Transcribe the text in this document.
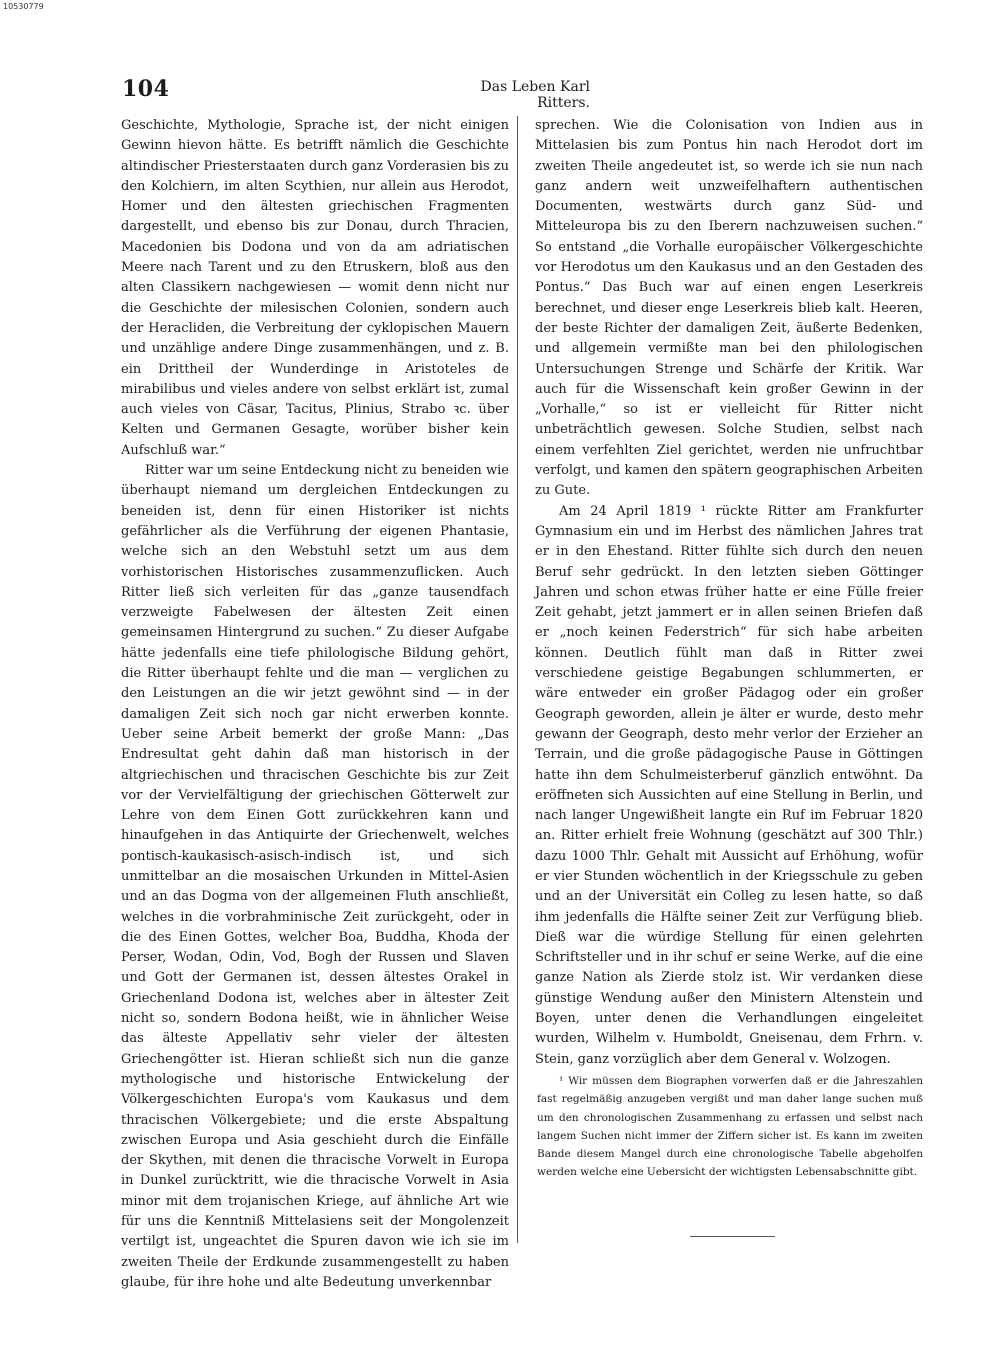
10530779
104	Das Leben Karl Ritters.

Geschichte, Mythologie, Sprache ist, der nicht einigen Gewinn hievon hätte. Es betrifft nämlich die Geschichte altindischer Priesterstaaten durch ganz Vorderasien bis zu den Kolchiern, im alten Scythien, nur allein aus Herodot, Homer und den ältesten griechischen Fragmenten dargestellt, und ebenso bis zur Donau, durch Thracien, Macedonien bis Dodona und von da am adriatischen Meere nach Tarent und zu den Etruskern, bloß aus den alten Classikern nachgewiesen — womit denn nicht nur die Geschichte der milesischen Colonien, sondern auch der Heracliden, die Verbreitung der cyklopischen Mauern und unzählige andere Dinge zusammenhängen, und z. B. ein Drittheil der Wunderdinge in Aristoteles de mirabilibus und vieles andere von selbst erklärt ist, zumal auch vieles von Cäsar, Tacitus, Plinius, Strabo ꝛc. über Kelten und Germanen Gesagte, worüber bisher kein Aufschluß war.“

Ritter war um seine Entdeckung nicht zu beneiden wie überhaupt niemand um dergleichen Entdeckungen zu beneiden ist, denn für einen Historiker ist nichts gefährlicher als die Verführung der eigenen Phantasie, welche sich an den Webstuhl setzt um aus dem vorhistorischen Historisches zusammenzuflicken. Auch Ritter ließ sich verleiten für das „ganze tausendfach verzweigte Fabelwesen der ältesten Zeit einen gemeinsamen Hintergrund zu suchen.“ Zu dieser Aufgabe hätte jedenfalls eine tiefe philologische Bildung gehört, die Ritter überhaupt fehlte und die man — verglichen zu den Leistungen an die wir jetzt gewöhnt sind — in der damaligen Zeit sich noch gar nicht erwerben konnte. Ueber seine Arbeit bemerkt der große Mann: „Das Endresultat geht dahin daß man historisch in der altgriechischen und thracischen Geschichte bis zur Zeit vor der Vervielfältigung der griechischen Götterwelt zur Lehre von dem Einen Gott zurückkehren kann und hinaufgehen in das Antiquirte der Griechenwelt, welches pontisch-kaukasisch-asisch-indisch ist, und sich unmittelbar an die mosaischen Urkunden in Mittel-Asien und an das Dogma von der allgemeinen Fluth anschließt, welches in die vorbrahminische Zeit zurückgeht, oder in die des Einen Gottes, welcher Boa, Buddha, Khoda der Perser, Wodan, Odin, Vod, Bogh der Russen und Slaven und Gott der Germanen ist, dessen ältestes Orakel in Griechenland Dodona ist, welches aber in ältester Zeit nicht so, sondern Bodona heißt, wie in ähnlicher Weise das älteste Appellativ sehr vieler der ältesten Griechengötter ist. Hieran schließt sich nun die ganze mythologische und historische Entwickelung der Völkergeschichten Europa's vom Kaukasus und dem thracischen Völkergebiete; und die erste Abspaltung zwischen Europa und Asia geschieht durch die Einfälle der Skythen, mit denen die thracische Vorwelt in Europa in Dunkel zurücktritt, wie die thracische Vorwelt in Asia minor mit dem trojanischen Kriege, auf ähnliche Art wie für uns die Kenntniß Mittelasiens seit der Mongolenzeit vertilgt ist, ungeachtet die Spuren davon wie ich sie im zweiten Theile der Erdkunde zusammengestellt zu haben glaube, für ihre hohe und alte Bedeutung unverkennbar

sprechen. Wie die Colonisation von Indien aus in Mittelasien bis zum Pontus hin nach Herodot dort im zweiten Theile angedeutet ist, so werde ich sie nun nach ganz andern weit unzweifelhaftern authentischen Documenten, westwärts durch ganz Süd- und Mitteleuropa bis zu den Iberern nachzuweisen suchen.“ So entstand „die Vorhalle europäischer Völkergeschichte vor Herodotus um den Kaukasus und an den Gestaden des Pontus.“ Das Buch war auf einen engen Leserkreis berechnet, und dieser enge Leserkreis blieb kalt. Heeren, der beste Richter der damaligen Zeit, äußerte Bedenken, und allgemein vermißte man bei den philologischen Untersuchungen Strenge und Schärfe der Kritik. War auch für die Wissenschaft kein großer Gewinn in der „Vorhalle,“ so ist er vielleicht für Ritter nicht unbeträchtlich gewesen. Solche Studien, selbst nach einem verfehlten Ziel gerichtet, werden nie unfruchtbar verfolgt, und kamen den spätern geographischen Arbeiten zu Gute.

Am 24 April 1819 ¹ rückte Ritter am Frankfurter Gymnasium ein und im Herbst des nämlichen Jahres trat er in den Ehestand. Ritter fühlte sich durch den neuen Beruf sehr gedrückt. In den letzten sieben Göttinger Jahren und schon etwas früher hatte er eine Fülle freier Zeit gehabt, jetzt jammert er in allen seinen Briefen daß er „noch keinen Federstrich“ für sich habe arbeiten können. Deutlich fühlt man daß in Ritter zwei verschiedene geistige Begabungen schlummerten, er wäre entweder ein großer Pädagog oder ein großer Geograph geworden, allein je älter er wurde, desto mehr gewann der Geograph, desto mehr verlor der Erzieher an Terrain, und die große pädagogische Pause in Göttingen hatte ihn dem Schulmeisterberuf gänzlich entwöhnt. Da eröffneten sich Aussichten auf eine Stellung in Berlin, und nach langer Ungewißheit langte ein Ruf im Februar 1820 an. Ritter erhielt freie Wohnung (geschätzt auf 300 Thlr.) dazu 1000 Thlr. Gehalt mit Aussicht auf Erhöhung, wofür er vier Stunden wöchentlich in der Kriegsschule zu geben und an der Universität ein Colleg zu lesen hatte, so daß ihm jedenfalls die Hälfte seiner Zeit zur Verfügung blieb. Dieß war die würdige Stellung für einen gelehrten Schriftsteller und in ihr schuf er seine Werke, auf die eine ganze Nation als Zierde stolz ist. Wir verdanken diese günstige Wendung außer den Ministern Altenstein und Boyen, unter denen die Verhandlungen eingeleitet wurden, Wilhelm v. Humboldt, Gneisenau, dem Frhrn. v. Stein, ganz vorzüglich aber dem General v. Wolzogen.

¹ Wir müssen dem Biographen vorwerfen daß er die Jahreszahlen fast regelmäßig anzugeben vergißt und man daher lange suchen muß um den chronologischen Zusammenhang zu erfassen und selbst nach langem Suchen nicht immer der Ziffern sicher ist. Es kann im zweiten Bande diesem Mangel durch eine chronologische Tabelle abgeholfen werden welche eine Uebersicht der wichtigsten Lebensabschnitte gibt.
